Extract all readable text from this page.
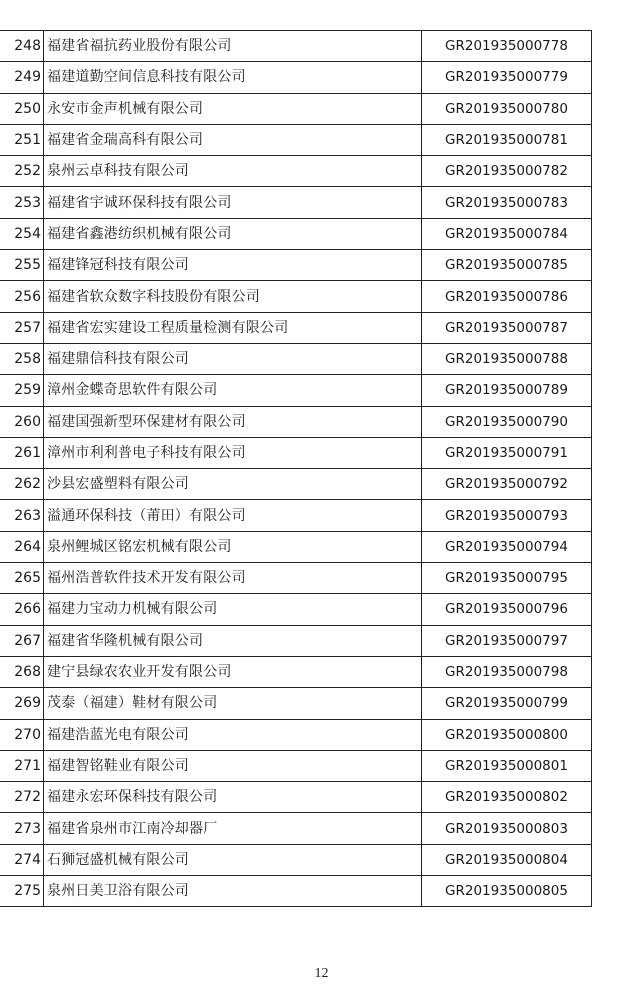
248	福建省福抗药业股份有限公司	GR201935000778
249	福建道勤空间信息科技有限公司	GR201935000779
250	永安市金声机械有限公司	GR201935000780
251	福建省金瑞高科有限公司	GR201935000781
252	泉州云卓科技有限公司	GR201935000782
253	福建省宇诚环保科技有限公司	GR201935000783
254	福建省鑫港纺织机械有限公司	GR201935000784
255	福建锋冠科技有限公司	GR201935000785
256	福建省软众数字科技股份有限公司	GR201935000786
257	福建省宏实建设工程质量检测有限公司	GR201935000787
258	福建鼎信科技有限公司	GR201935000788
259	漳州金蝶奇思软件有限公司	GR201935000789
260	福建国强新型环保建材有限公司	GR201935000790
261	漳州市利利普电子科技有限公司	GR201935000791
262	沙县宏盛塑料有限公司	GR201935000792
263	溢通环保科技（莆田）有限公司	GR201935000793
264	泉州鲤城区铭宏机械有限公司	GR201935000794
265	福州浩普软件技术开发有限公司	GR201935000795
266	福建力宝动力机械有限公司	GR201935000796
267	福建省华隆机械有限公司	GR201935000797
268	建宁县绿农农业开发有限公司	GR201935000798
269	茂泰（福建）鞋材有限公司	GR201935000799
270	福建浩蓝光电有限公司	GR201935000800
271	福建智铭鞋业有限公司	GR201935000801
272	福建永宏环保科技有限公司	GR201935000802
273	福建省泉州市江南冷却器厂	GR201935000803
274	石狮冠盛机械有限公司	GR201935000804
275	泉州日美卫浴有限公司	GR201935000805
12
